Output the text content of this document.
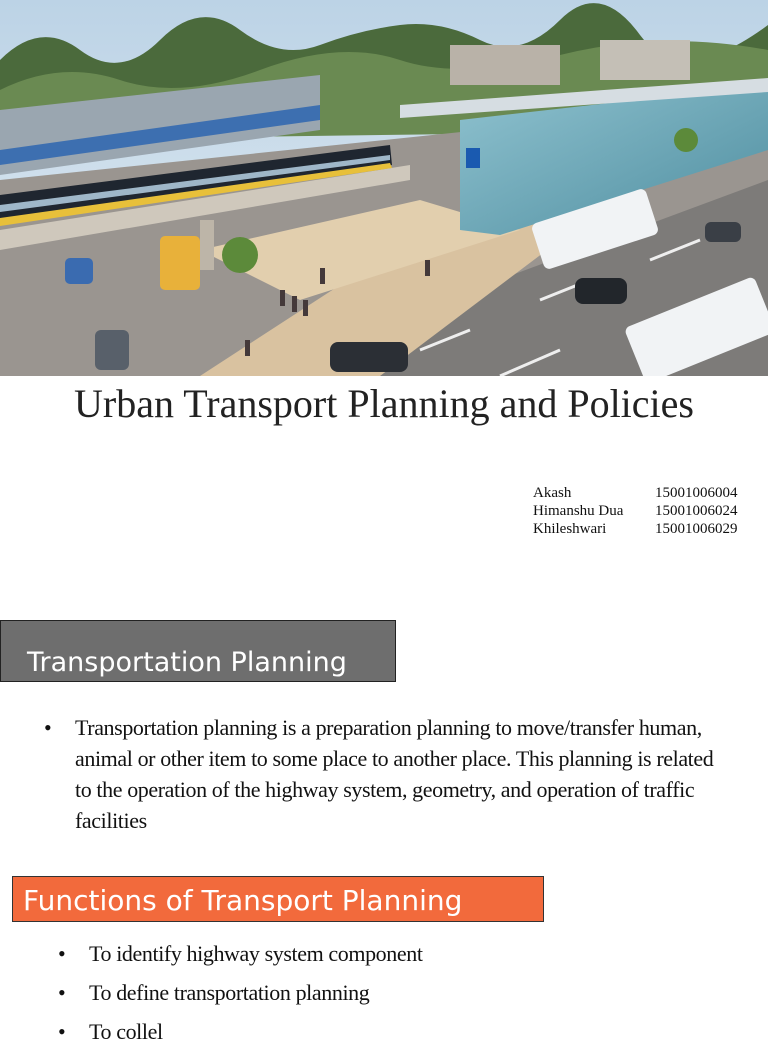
Urban Transport Planning and Policies
Akash	15001006004
Himanshu Dua	15001006024
Khileshwari	15001006029
Transportation Planning
•	Transportation planning is a preparation planning to move/transfer human, animal or other item to some place to another place. This planning is related to the operation of the highway system, geometry, and operation of traffic facilities
Functions of Transport Planning
•	To identify highway system component
•	To define transportation planning
•	To collel
